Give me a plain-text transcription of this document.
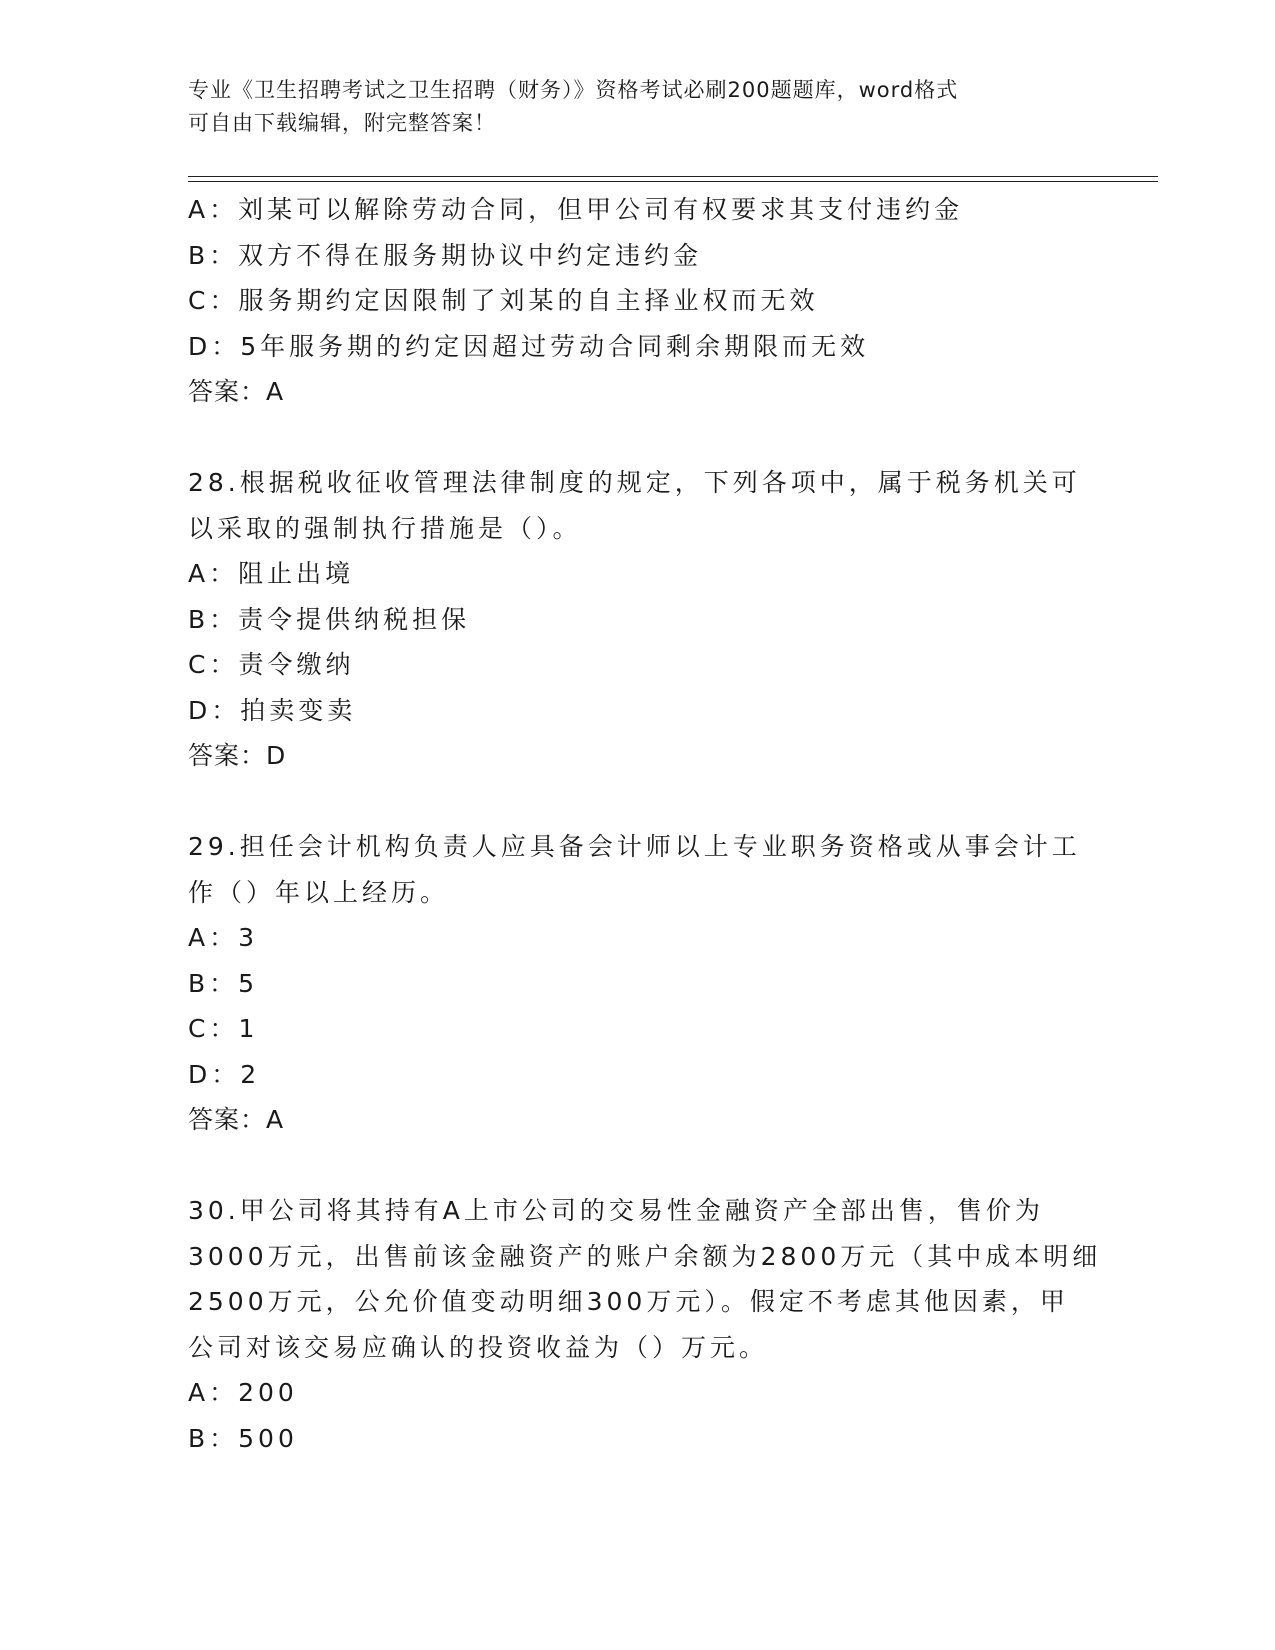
专业《卫生招聘考试之卫生招聘（财务）》资格考试必刷200题题库，word格式
可自由下载编辑，附完整答案！
A：刘某可以解除劳动合同，但甲公司有权要求其支付违约金
B：双方不得在服务期协议中约定违约金
C：服务期约定因限制了刘某的自主择业权而无效
D：5年服务期的约定因超过劳动合同剩余期限而无效
答案：A
28.根据税收征收管理法律制度的规定，下列各项中，属于税务机关可
以采取的强制执行措施是（）。
A：阻止出境
B：责令提供纳税担保
C：责令缴纳
D：拍卖变卖
答案：D
29.担任会计机构负责人应具备会计师以上专业职务资格或从事会计工
作（）年以上经历。
A：3
B：5
C：1
D：2
答案：A
30.甲公司将其持有A上市公司的交易性金融资产全部出售，售价为
3000万元，出售前该金融资产的账户余额为2800万元（其中成本明细
2500万元，公允价值变动明细300万元）。假定不考虑其他因素，甲
公司对该交易应确认的投资收益为（）万元。
A：200
B：500
